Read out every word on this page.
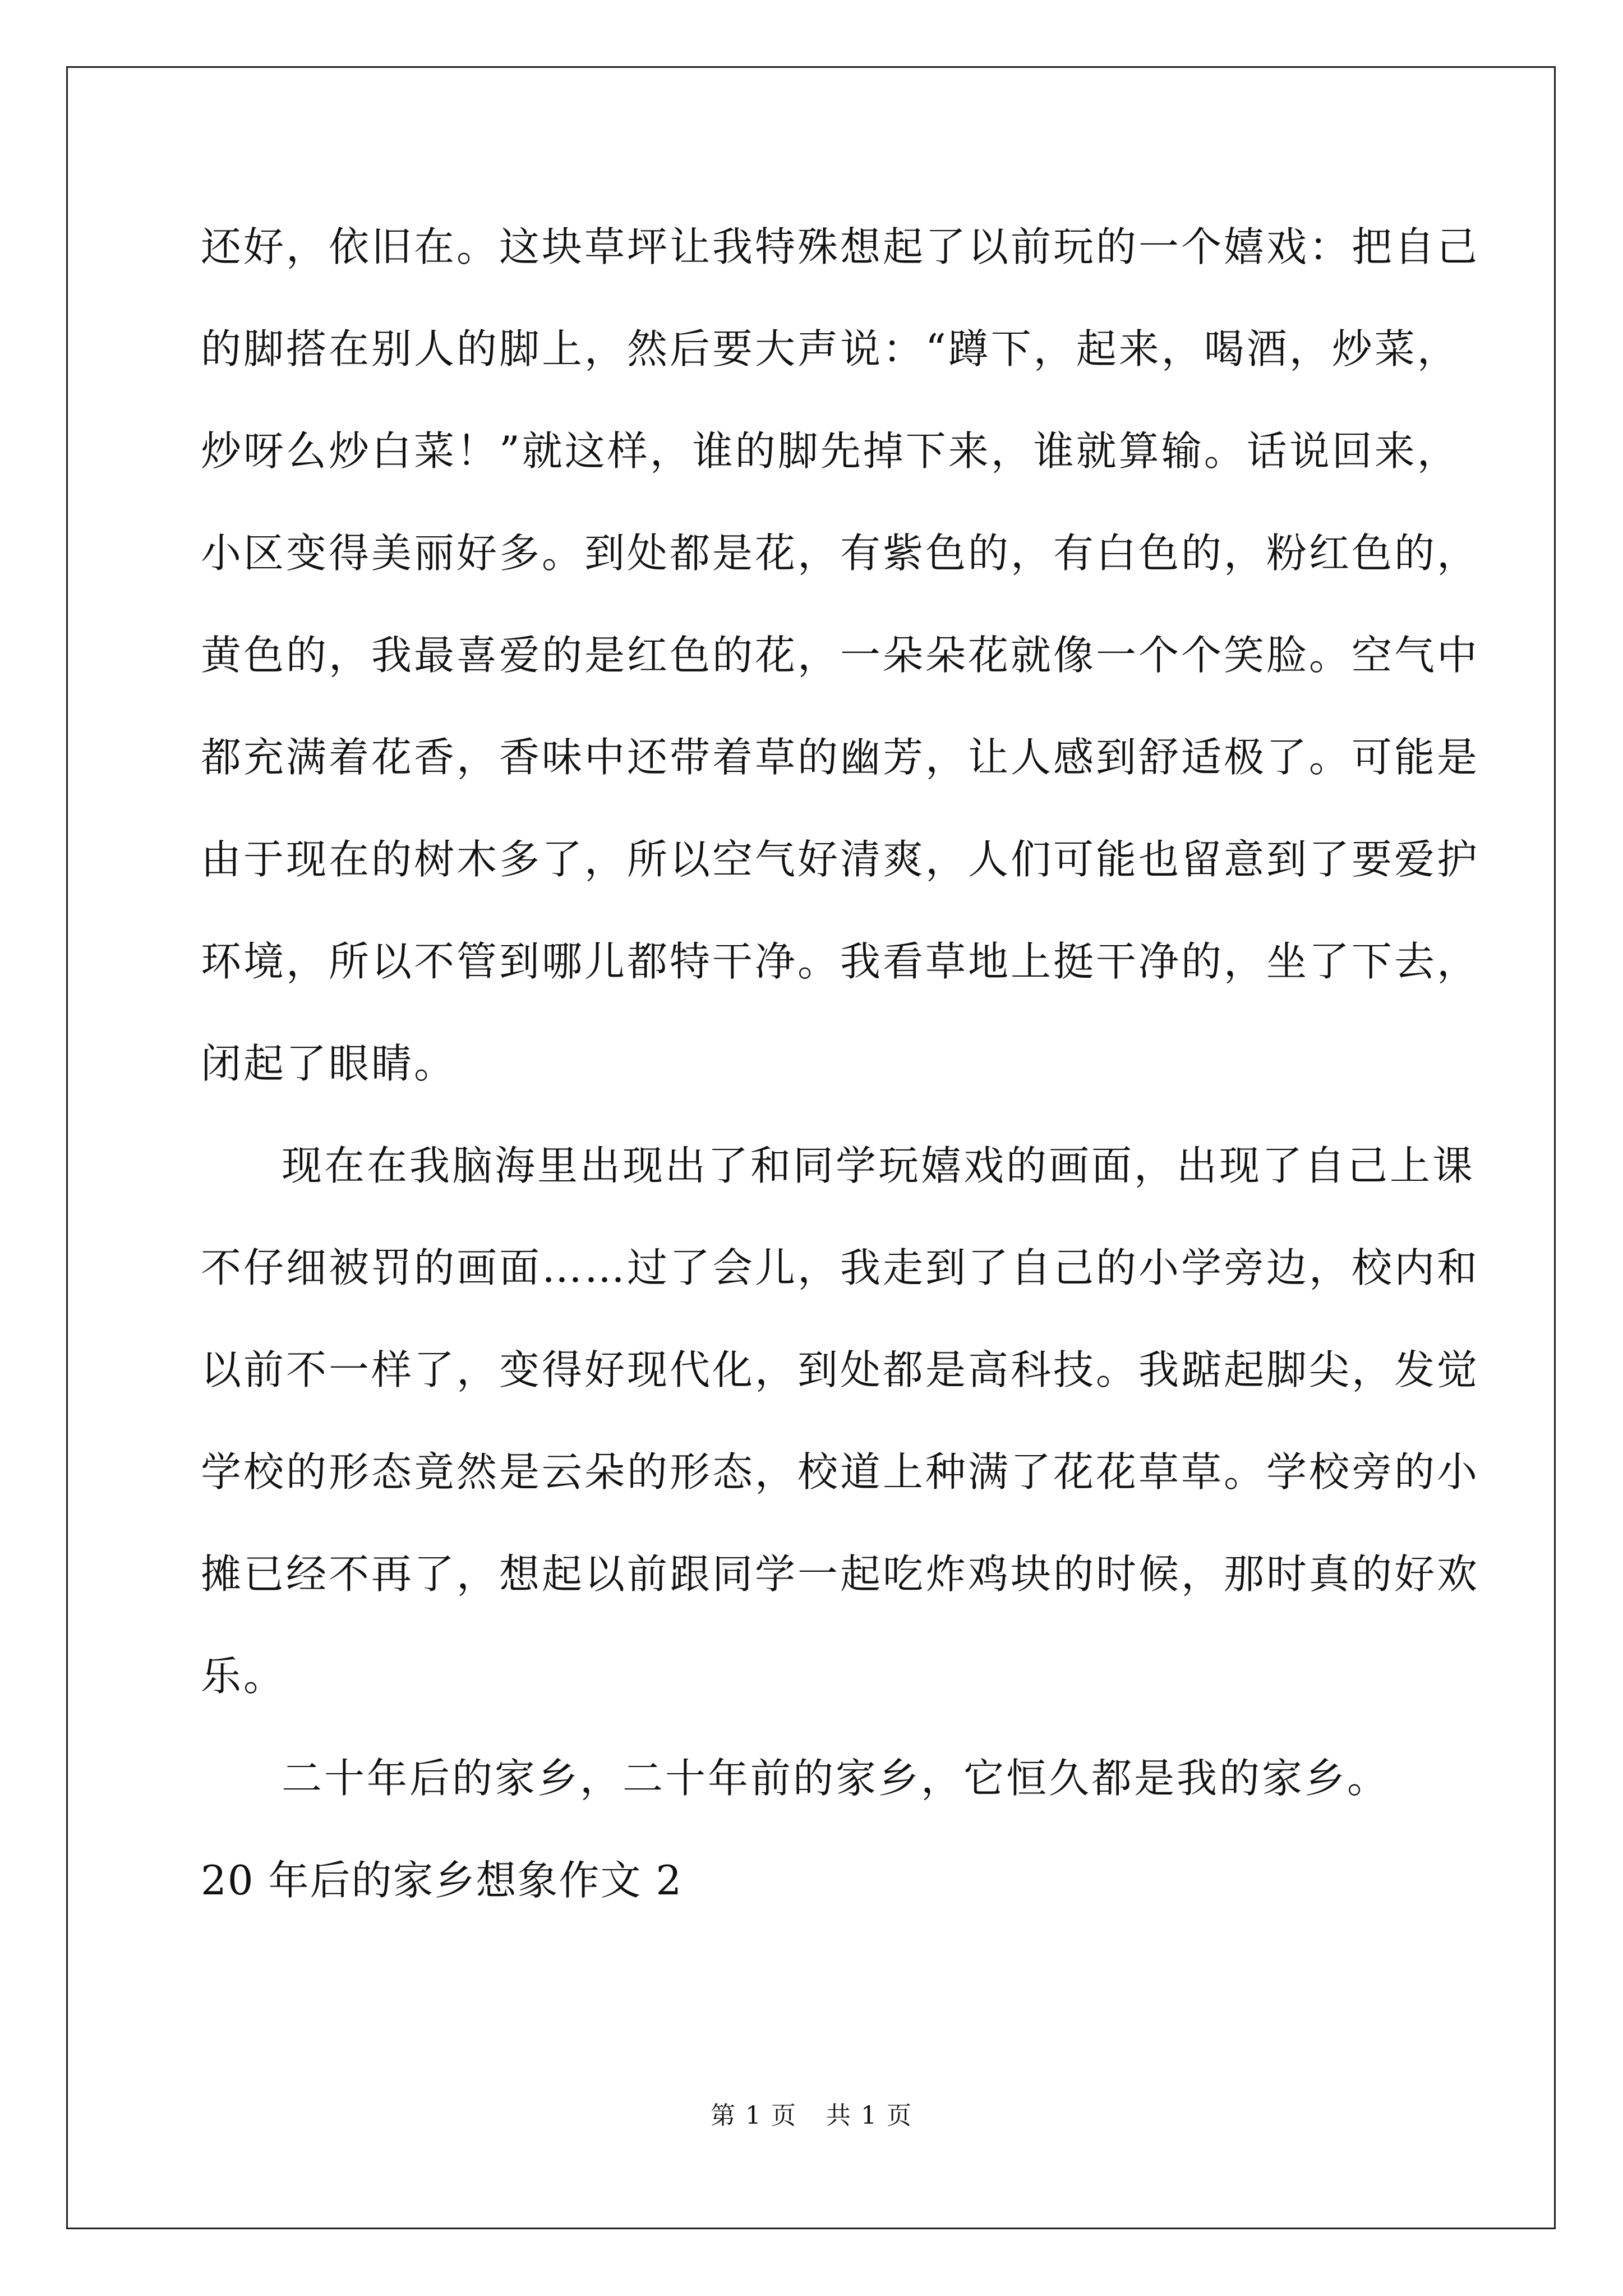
还好，依旧在。这块草坪让我特殊想起了以前玩的一个嬉戏：把自己
的脚搭在别人的脚上，然后要大声说：“蹲下，起来，喝酒，炒菜，
炒呀么炒白菜！”就这样，谁的脚先掉下来，谁就算输。话说回来，
小区变得美丽好多。到处都是花，有紫色的，有白色的，粉红色的，
黄色的，我最喜爱的是红色的花，一朵朵花就像一个个笑脸。空气中
都充满着花香，香味中还带着草的幽芳，让人感到舒适极了。可能是
由于现在的树木多了，所以空气好清爽，人们可能也留意到了要爱护
环境，所以不管到哪儿都特干净。我看草地上挺干净的，坐了下去，
闭起了眼睛。
现在在我脑海里出现出了和同学玩嬉戏的画面，出现了自己上课
不仔细被罚的画面……过了会儿，我走到了自己的小学旁边，校内和
以前不一样了，变得好现代化，到处都是高科技。我踮起脚尖，发觉
学校的形态竟然是云朵的形态，校道上种满了花花草草。学校旁的小
摊已经不再了，想起以前跟同学一起吃炸鸡块的时候，那时真的好欢
乐。
二十年后的家乡，二十年前的家乡，它恒久都是我的家乡。
20 年后的家乡想象作文 2
第 1 页 共 1 页
